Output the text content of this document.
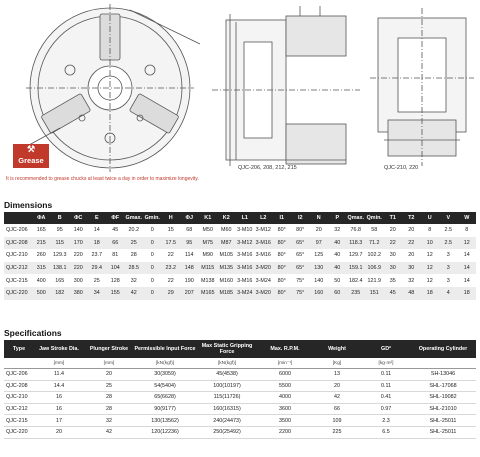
⚒
Grease
QJC-206, 208, 212, 215	QJC-210, 220
It is recommended to grease chucks at least twice a day in order to maximize longevity.
Dimensions
	ΦA	B	ΦC	E	ΦF	Gmax.	Gmin.	H	ΦJ	K1	K2	L1	L2	I1	I2	N	P	Qmax.	Qmin.	T1	T2	U	V	W
QJC-206	165	95	140	14	45	20.2	0	15	68	M50	M60	3-M10	3-M12	80°	80°	20	32	76.8	58	20	20	8	2.5	8
QJC-208	215	115	170	18	66	25	0	17.5	95	M75	M87	3-M12	3-M16	80°	65°	97	40	118.3	71.2	22	22	10	2.5	12
QJC-210	260	129.3	220	23.7	81	28	0	22	114	M90	M105	3-M16	3-M16	80°	65°	125	40	129.7	102.2	30	20	12	3	14
QJC-212	315	138.1	220	29.4	104	28.5	0	23.2	148	M115	M135	3-M16	3-M20	80°	65°	130	40	159.1	106.9	30	30	12	3	14
QJC-215	400	165	300	25	128	32	0	22	190	M138	M160	3-M16	3-M24	80°	75°	140	50	182.4	121.9	35	32	12	3	14
QJC-220	500	182	380	34	155	42	0	29	207	M165	M185	3-M24	3-M20	80°	75°	160	60	235	151	45	48	18	4	18
Specifications
Type	Jaw Stroke Dia.	Plunger Stroke	Permissible Input Force	Max Static Gripping Force	Max. R.P.M.	Weight	GD²	Operating Cylinder
	[mm]	[mm]	[kN(kgf)]	[kN(kgf)]	[min⁻¹]	[Kg]	[kg·m²]	
QJC-206	11.4	20	30(3059)	45(4538)	6000	13	0.11	SH-13046
QJC-208	14.4	25	54(5404)	100(10197)	5500	20	0.11	SHL-17068
QJC-210	16	28	65(6628)	115(11726)	4000	42	0.41	SHL-19082
QJC-212	16	28	90(9177)	160(16315)	3600	66	0.97	SHL-21010
QJC-215	17	32	130(13562)	240(24473)	3500	109	2.3	SHL-25011
QJC-220	20	42	120(12236)	250(25492)	2200	225	6.5	SHL-25011
